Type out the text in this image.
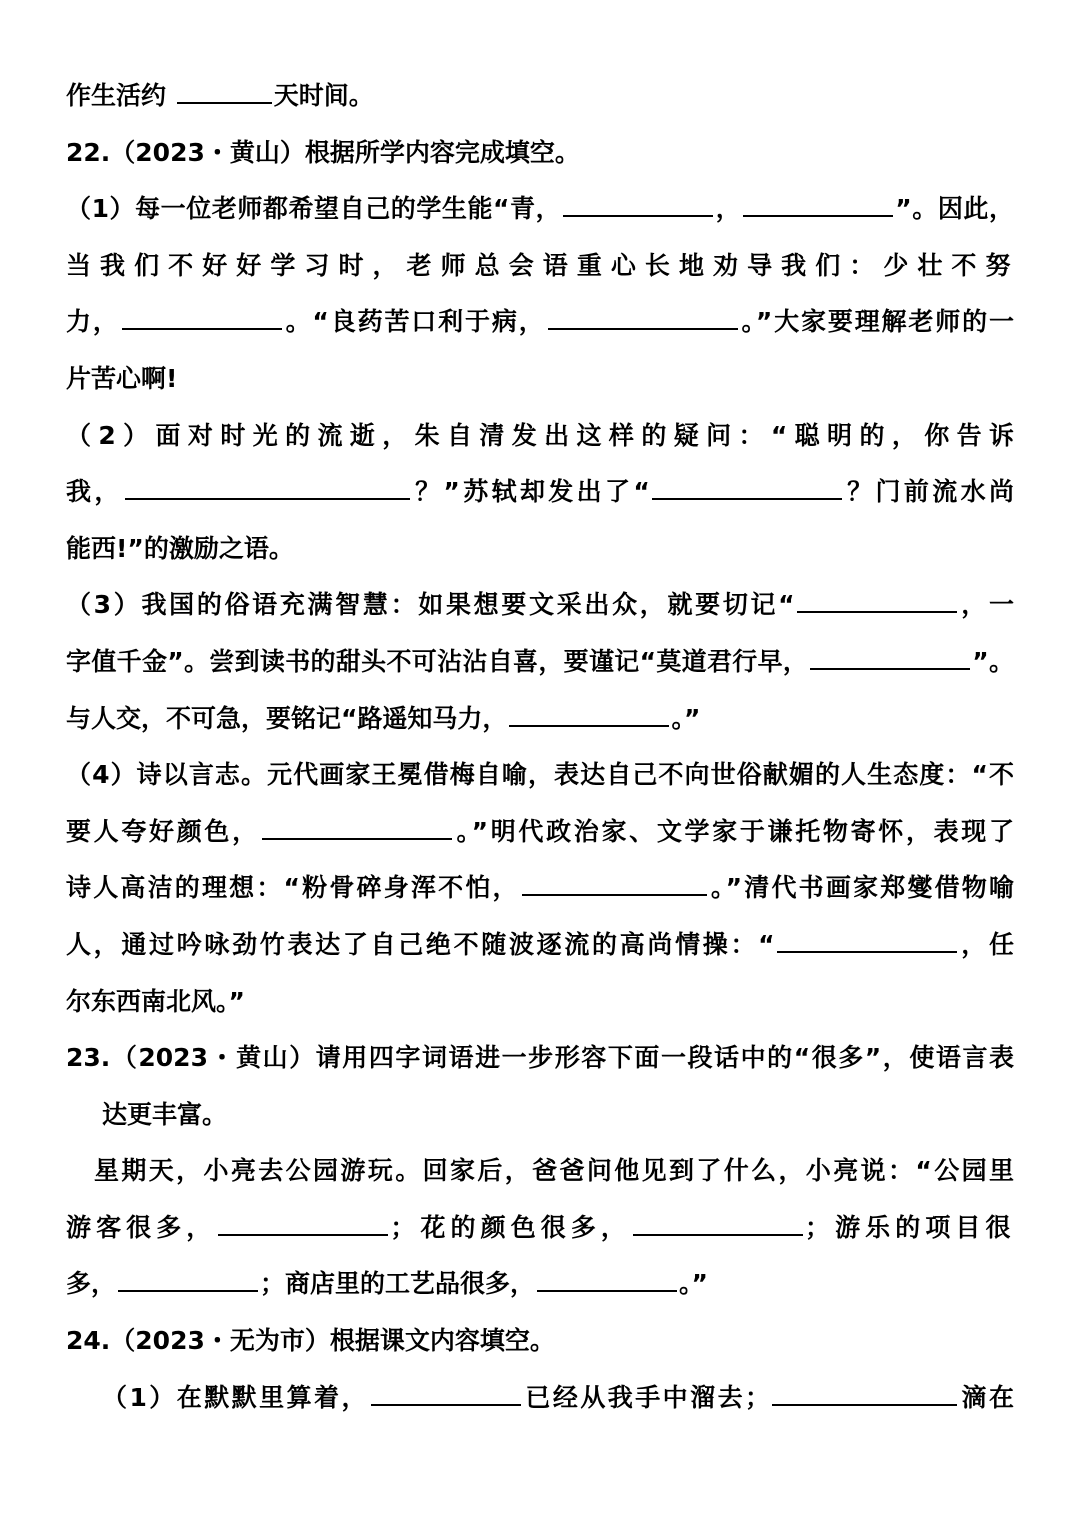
作生活约	天时间。

22.（2023・黄山）根据所学内容完成填空。

（1）每一位老师都希望自己的学生能“青，	，	”。因此，

当我们不好好学习时，老师总会语重心长地劝导我们：少壮不努

力，	。“良药苦口利于病，	。”大家要理解老师的一

片苦心啊!

（2）面对时光的流逝，朱自清发出这样的疑问：“聪明的，你告诉

我，	？”苏轼却发出了“	？门前流水尚

能西!”的激励之语。

（3）我国的俗语充满智慧：如果想要文采出众，就要切记“	，一

字值千金”。尝到读书的甜头不可沾沾自喜，要谨记“莫道君行早，	”。

与人交，不可急，要铭记“路遥知马力，	。”

（4）诗以言志。元代画家王冕借梅自喻，表达自己不向世俗献媚的人生态度：“不

要人夸好颜色，	。”明代政治家、文学家于谦托物寄怀，表现了

诗人高洁的理想：“粉骨碎身浑不怕，	。”清代书画家郑燮借物喻

人，通过吟咏劲竹表达了自己绝不随波逐流的高尚情操：“	，任

尔东西南北风。”

23.（2023・黄山）请用四字词语进一步形容下面一段话中的“很多”，使语言表

达更丰富。

星期天，小亮去公园游玩。回家后，爸爸问他见到了什么，小亮说：“公园里

游客很多，	；花的颜色很多，	；游乐的项目很

多，	；商店里的工艺品很多，	。”

24.（2023・无为市）根据课文内容填空。

（1）在默默里算着，	已经从我手中溜去；	滴在
